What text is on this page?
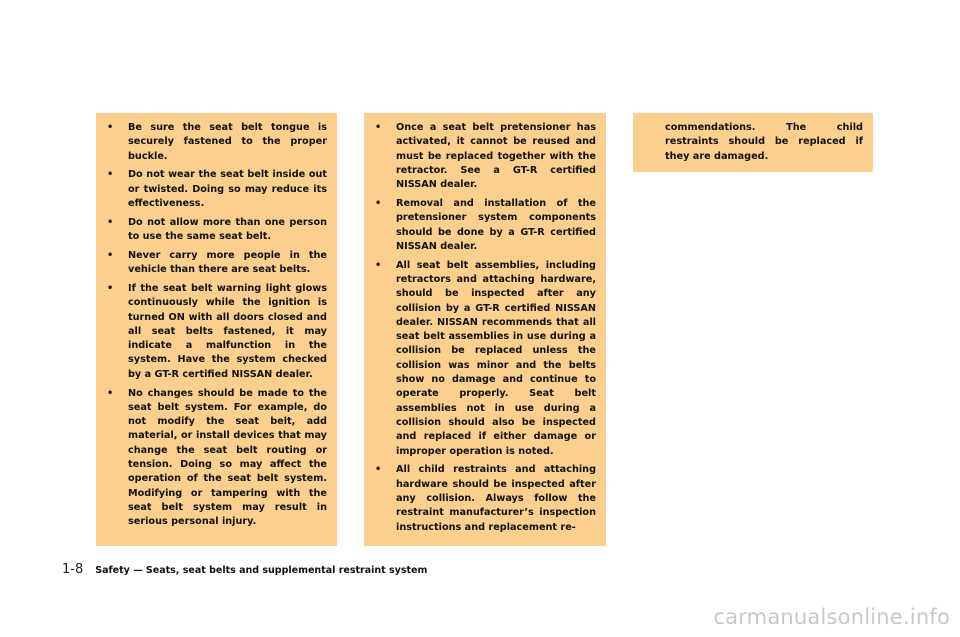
• Be sure the seat belt tongue is securely fastened to the proper buckle.
• Do not wear the seat belt inside out or twisted. Doing so may reduce its effectiveness.
• Do not allow more than one person to use the same seat belt.
• Never carry more people in the vehicle than there are seat belts.
• If the seat belt warning light glows continuously while the ignition is turned ON with all doors closed and all seat belts fastened, it may indicate a malfunction in the system. Have the system checked by a GT-R certified NISSAN dealer.
• No changes should be made to the seat belt system. For example, do not modify the seat belt, add material, or install devices that may change the seat belt routing or tension. Doing so may affect the operation of the seat belt system. Modifying or tampering with the seat belt system may result in serious personal injury.
• Once a seat belt pretensioner has activated, it cannot be reused and must be replaced together with the retractor. See a GT-R certified NISSAN dealer.
• Removal and installation of the pretensioner system components should be done by a GT-R certified NISSAN dealer.
• All seat belt assemblies, including retractors and attaching hardware, should be inspected after any collision by a GT-R certified NISSAN dealer. NISSAN recommends that all seat belt assemblies in use during a collision be replaced unless the collision was minor and the belts show no damage and continue to operate properly. Seat belt assemblies not in use during a collision should also be inspected and replaced if either damage or improper operation is noted.
• All child restraints and attaching hardware should be inspected after any collision. Always follow the restraint manufacturer’s inspection instructions and replacement re-

commendations. The child restraints should be replaced if they are damaged.

1-8 Safety — Seats, seat belts and supplemental restraint system
carmanualsonline.info
